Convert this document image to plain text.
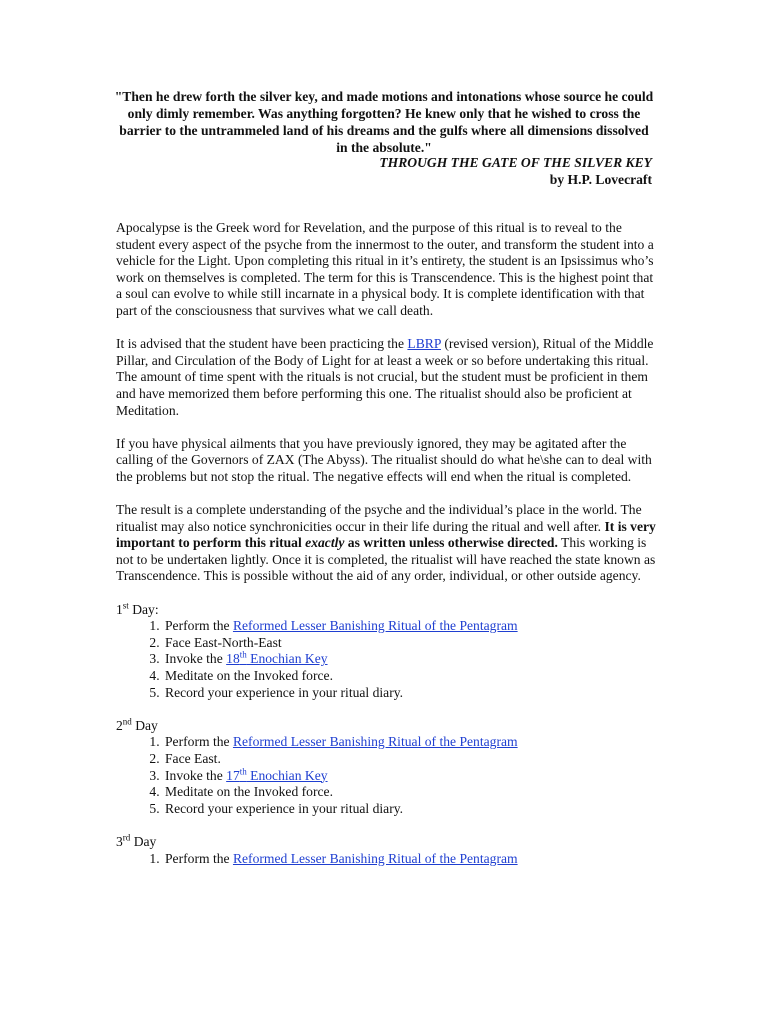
"Then he drew forth the silver key, and made motions and intonations whose source he could only dimly remember. Was anything forgotten? He knew only that he wished to cross the barrier to the untrammeled land of his dreams and the gulfs where all dimensions dissolved in the absolute."

THROUGH THE GATE OF THE SILVER KEY
by H.P. Lovecraft

Apocalypse is the Greek word for Revelation, and the purpose of this ritual is to reveal to the student every aspect of the psyche from the innermost to the outer, and transform the student into a vehicle for the Light. Upon completing this ritual in it’s entirety, the student is an Ipsissimus who’s work on themselves is completed. The term for this is Transcendence. This is the highest point that a soul can evolve to while still incarnate in a physical body. It is complete identification with that part of the consciousness that survives what we call death.

It is advised that the student have been practicing the LBRP (revised version), Ritual of the Middle Pillar, and Circulation of the Body of Light for at least a week or so before undertaking this ritual. The amount of time spent with the rituals is not crucial, but the student must be proficient in them and have memorized them before performing this one. The ritualist should also be proficient at Meditation.

If you have physical ailments that you have previously ignored, they may be agitated after the calling of the Governors of ZAX (The Abyss). The ritualist should do what he\she can to deal with the problems but not stop the ritual. The negative effects will end when the ritual is completed.

The result is a complete understanding of the psyche and the individual’s place in the world. The ritualist may also notice synchronicities occur in their life during the ritual and well after. It is very important to perform this ritual exactly as written unless otherwise directed. This working is not to be undertaken lightly. Once it is completed, the ritualist will have reached the state known as Transcendence. This is possible without the aid of any order, individual, or other outside agency.

1st Day:
1. Perform the Reformed Lesser Banishing Ritual of the Pentagram
2. Face East-North-East
3. Invoke the 18th Enochian Key
4. Meditate on the Invoked force.
5. Record your experience in your ritual diary.
2nd Day
1. Perform the Reformed Lesser Banishing Ritual of the Pentagram
2. Face East.
3. Invoke the 17th Enochian Key
4. Meditate on the Invoked force.
5. Record your experience in your ritual diary.
3rd Day
1. Perform the Reformed Lesser Banishing Ritual of the Pentagram
